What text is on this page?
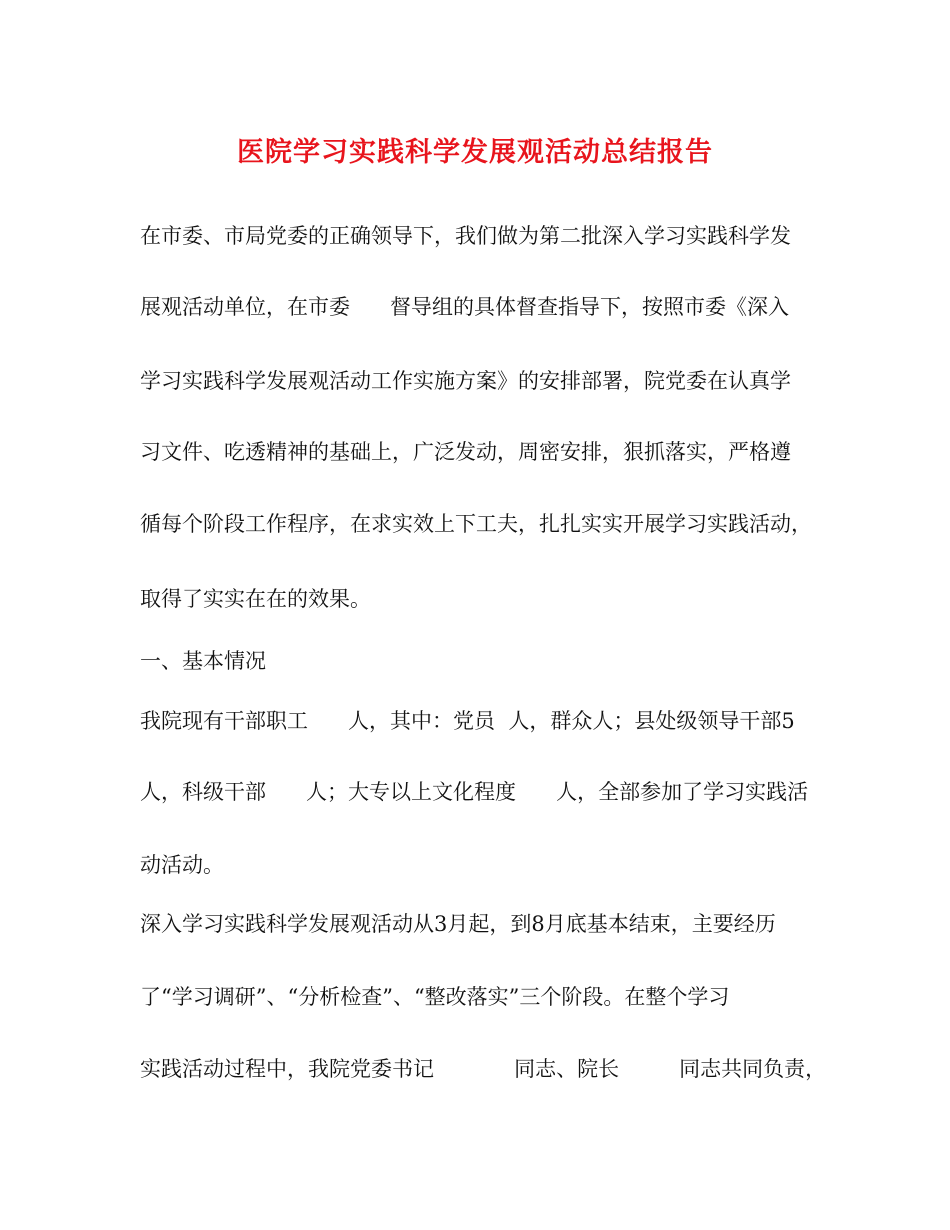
医院学习实践科学发展观活动总结报告
在市委、市局党委的正确领导下，我们做为第二批深入学习实践科学发
展观活动单位，在市委      督导组的具体督查指导下，按照市委《深入
学习实践科学发展观活动工作实施方案》的安排部署，院党委在认真学
习文件、吃透精神的基础上，广泛发动，周密安排，狠抓落实，严格遵
循每个阶段工作程序，在求实效上下工夫，扎扎实实开展学习实践活动，
取得了实实在在的效果。
一、基本情况
我院现有干部职工      人，其中：党员  人，群众人；县处级领导干部5
人，科级干部      人；大专以上文化程度      人，全部参加了学习实践活
动活动。
深入学习实践科学发展观活动从3月起，到8月底基本结束，主要经历
了“学习调研”、“分析检查”、“整改落实”三个阶段。在整个学习
实践活动过程中，我院党委书记            同志、院长         同志共同负责，
